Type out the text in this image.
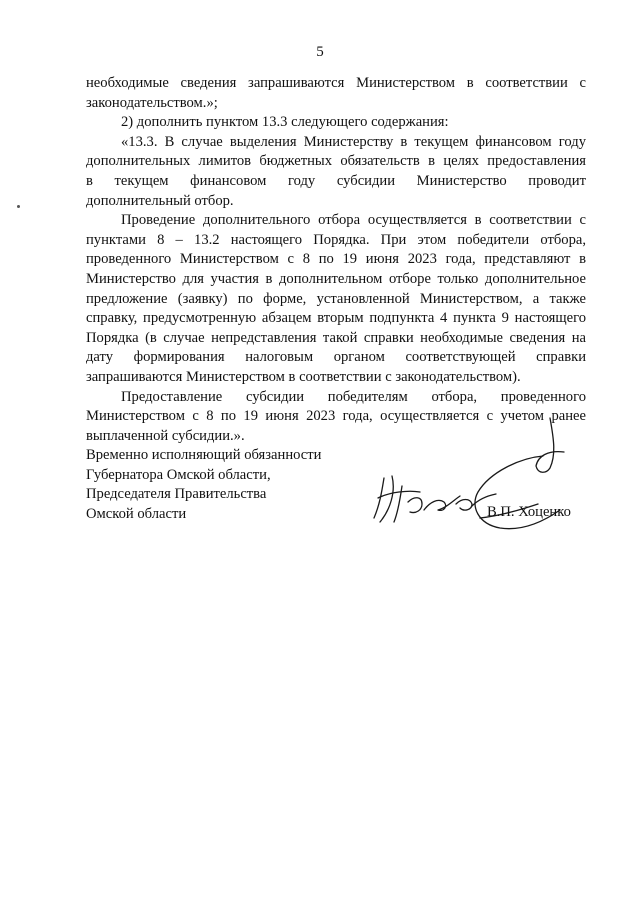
5

необходимые сведения запрашиваются Министерством в соответствии с
законодательством.»;

2) дополнить пунктом 13.3 следующего содержания:

«13.3. В случае выделения Министерству в текущем финансовом году
дополнительных лимитов бюджетных обязательств в целях предоставления
в текущем финансовом году субсидии Министерство проводит
дополнительный отбор.

Проведение дополнительного отбора осуществляется в соответствии с пунктами 8 – 13.2 настоящего Порядка. При этом победители отбора, проведенного Министерством с 8 по 19 июня 2023 года, представляют в Министерство для участия в дополнительном отборе только дополнительное предложение (заявку) по форме, установленной Министерством, а также справку, предусмотренную абзацем вторым подпункта 4 пункта 9 настоящего Порядка (в случае непредставления такой справки необходимые сведения на дату формирования налоговым органом соответствующей справки запрашиваются Министерством в соответствии с законодательством).

Предоставление субсидии победителям отбора, проведенного Министерством с 8 по 19 июня 2023 года, осуществляется с учетом ранее выплаченной субсидии.».

Временно исполняющий обязанности
Губернатора Омской области,
Председателя Правительства
Омской области	В.П. Хоценко
